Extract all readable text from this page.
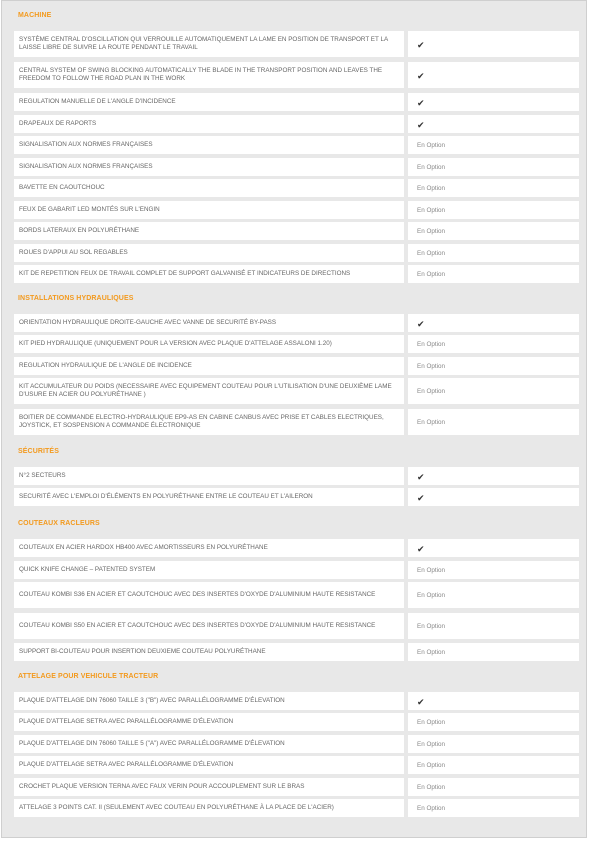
MACHINE
SYSTÈME CENTRAL D'OSCILLATION QUI VERROUILLE AUTOMATIQUEMENT LA LAME EN POSITION DE TRANSPORT ET LA LAISSE LIBRE DE SUIVRE LA ROUTE PENDANT LE TRAVAIL	✔
CENTRAL SYSTEM OF SWING BLOCKING AUTOMATICALLY THE BLADE IN THE TRANSPORT POSITION AND LEAVES THE FREEDOM TO FOLLOW THE ROAD PLAN IN THE WORK	✔
REGULATION MANUELLE DE L'ANGLE D'INCIDENCE	✔
DRAPEAUX DE RAPORTS	✔
SIGNALISATION AUX NORMES FRANÇAISES	En Option
SIGNALISATION AUX NORMES FRANÇAISES	En Option
BAVETTE EN CAOUTCHOUC	En Option
FEUX DE GABARIT LED MONTÉS SUR L'ENGIN	En Option
BORDS LATERAUX EN POLYURÉTHANE	En Option
ROUES D'APPUI AU SOL REGABLES	En Option
KIT DE REPETITION FEUX DE TRAVAIL COMPLET DE SUPPORT GALVANISÉ ET INDICATEURS DE DIRECTIONS	En Option
INSTALLATIONS HYDRAULIQUES
ORIENTATION HYDRAULIQUE DROITE-GAUCHE AVEC VANNE DE SECURITÉ BY-PASS	✔
KIT PIED HYDRAULIQUE (UNIQUEMENT POUR LA VERSION AVEC PLAQUE D'ATTELAGE ASSALONI 1.20)	En Option
REGULATION HYDRAULIQUE DE L'ANGLE DE INCIDENCE	En Option
KIT ACCUMULATEUR DU POIDS (NECESSAIRE AVEC EQUIPEMENT COUTEAU POUR L'UTILISATION D'UNE DEUXIÈME LAME D'USURE EN ACIER OU POLYURÉTHANE )	En Option
BOITIER DE COMMANDE ELECTRO-HYDRAULIQUE EP9-AS EN CABINE CANBUS AVEC PRISE ET CABLES ELECTRIQUES, JOYSTICK, ET SOSPENSION A COMMANDE ÉLECTRONIQUE	En Option
SÉCURITÉS
N°2 SECTEURS	✔
SECURITÉ AVEC L'EMPLOI D'ÉLÉMENTS EN POLYURÉTHANE ENTRE LE COUTEAU ET L'AILERON	✔
COUTEAUX RACLEURS
COUTEAUX EN ACIER HARDOX HB400 AVEC AMORTISSEURS EN POLYURÉTHANE	✔
QUICK KNIFE CHANGE – PATENTED SYSTEM	En Option
COUTEAU KOMBI S36 EN ACIER ET CAOUTCHOUC AVEC DES INSERTES D'OXYDE D'ALUMINIUM HAUTE RESISTANCE	En Option
COUTEAU KOMBI S50 EN ACIER ET CAOUTCHOUC AVEC DES INSERTES D'OXYDE D'ALUMINIUM HAUTE RESISTANCE	En Option
SUPPORT BI-COUTEAU POUR INSERTION DEUXIEME COUTEAU POLYURÉTHANE	En Option
ATTELAGE POUR VEHICULE TRACTEUR
PLAQUE D'ATTELAGE DIN 76060 TAILLE 3 ("B") AVEC PARALLÉLOGRAMME D'ÉLEVATION	✔
PLAQUE D'ATTELAGE SETRA AVEC PARALLÉLOGRAMME D'ÉLEVATION	En Option
PLAQUE D'ATTELAGE DIN 76060 TAILLE 5 ("A") AVEC PARALLÉLOGRAMME D'ÉLEVATION	En Option
PLAQUE D'ATTELAGE SETRA AVEC PARALLÉLOGRAMME D'ÉLEVATION	En Option
CROCHET PLAQUE VERSION TERNA AVEC FAUX VERIN POUR ACCOUPLEMENT SUR LE BRAS	En Option
ATTELAGE 3 POINTS CAT. II (SEULEMENT AVEC COUTEAU EN POLYURÉTHANE À LA PLACE DE L'ACIER)	En Option
